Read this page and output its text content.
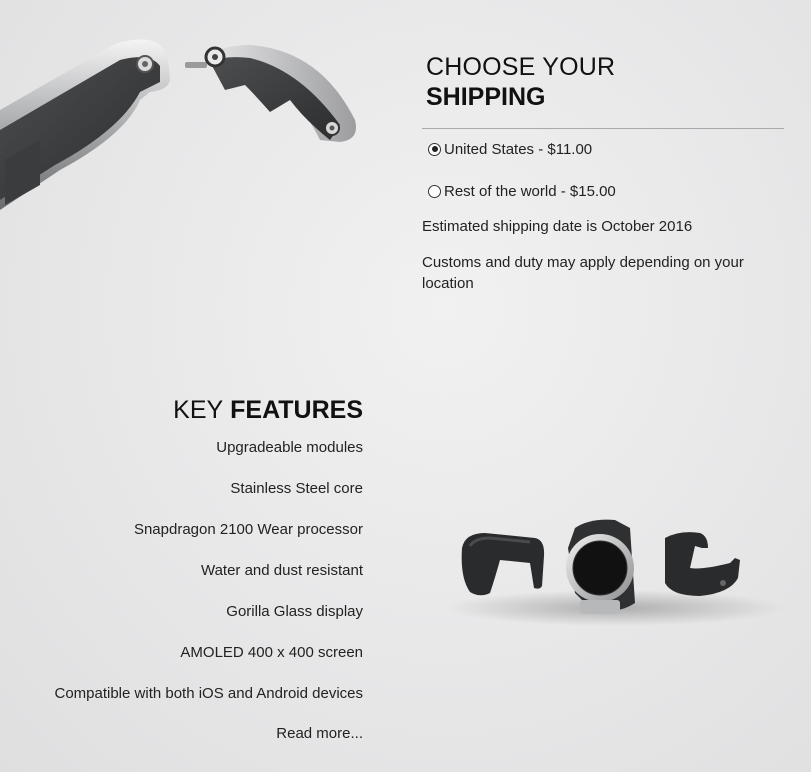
CHOOSE YOUR

SHIPPING

United States - $11.00
Rest of the world - $15.00
Estimated shipping date is October 2016
Customs and duty may apply depending on your location
KEY FEATURES
Upgradeable modules
Stainless Steel core
Snapdragon 2100 Wear processor
Water and dust resistant
Gorilla Glass display
AMOLED 400 x 400 screen
Compatible with both iOS and Android devices
Read more...
